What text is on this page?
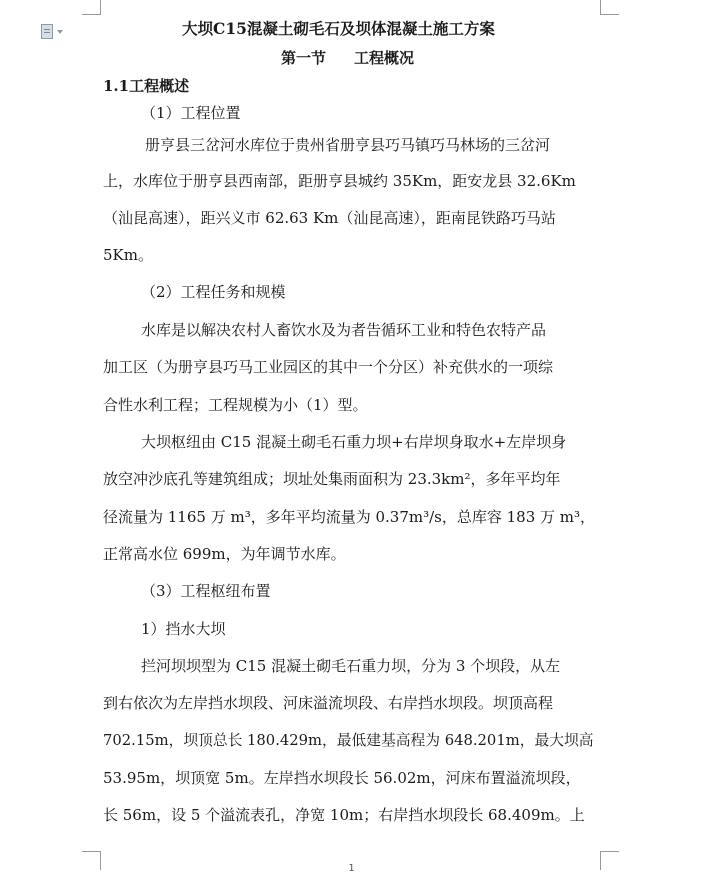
大坝C15混凝土砌毛石及坝体混凝土施工方案
第一节 工程概况
1.1工程概述
（1）工程位置
册亨县三岔河水库位于贵州省册亨县巧马镇巧马林场的三岔河
上，水库位于册亨县西南部，距册亨县城约 35Km，距安龙县 32.6Km
（汕昆高速），距兴义市 62.63 Km（汕昆高速），距南昆铁路巧马站
5Km。
（2）工程任务和规模
水库是以解决农村人畜饮水及为者告循环工业和特色农特产品
加工区（为册亨县巧马工业园区的其中一个分区）补充供水的一项综
合性水利工程；工程规模为小（1）型。
大坝枢纽由 C15 混凝土砌毛石重力坝+右岸坝身取水+左岸坝身
放空冲沙底孔等建筑组成；坝址处集雨面积为 23.3km²，多年平均年
径流量为 1165 万 m³，多年平均流量为 0.37m³/s，总库容 183 万 m³，
正常高水位 699m，为年调节水库。
（3）工程枢纽布置
1）挡水大坝
拦河坝坝型为 C15 混凝土砌毛石重力坝，分为 3 个坝段，从左
到右依次为左岸挡水坝段、河床溢流坝段、右岸挡水坝段。坝顶高程
702.15m，坝顶总长 180.429m，最低建基高程为 648.201m，最大坝高
53.95m，坝顶宽 5m。左岸挡水坝段长 56.02m，河床布置溢流坝段，
长 56m，设 5 个溢流表孔，净宽 10m；右岸挡水坝段长 68.409m。上
1
